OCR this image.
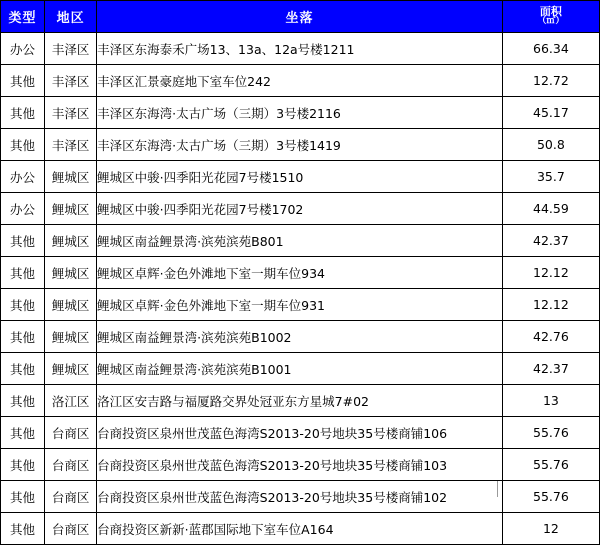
类型	地区	坐落	面积
（㎡）

办公	丰泽区	丰泽区东海泰禾广场13、13a、12a号楼1211	66.34
其他	丰泽区	丰泽区汇景豪庭地下室车位242	12.72
其他	丰泽区	丰泽区东海湾·太古广场（三期）3号楼2116	45.17
其他	丰泽区	丰泽区东海湾·太古广场（三期）3号楼1419	50.8
办公	鲤城区	鲤城区中骏·四季阳光花园7号楼1510	35.7
办公	鲤城区	鲤城区中骏·四季阳光花园7号楼1702	44.59
其他	鲤城区	鲤城区南益鲤景湾·滨苑滨苑B801	42.37
其他	鲤城区	鲤城区卓辉·金色外滩地下室一期车位934	12.12
其他	鲤城区	鲤城区卓辉·金色外滩地下室一期车位931	12.12
其他	鲤城区	鲤城区南益鲤景湾·滨苑滨苑B1002	42.76
其他	鲤城区	鲤城区南益鲤景湾·滨苑滨苑B1001	42.37
其他	洛江区	洛江区安吉路与福厦路交界处冠亚东方星城7#02	13
其他	台商区	台商投资区泉州世茂蓝色海湾S2013-20号地块35号楼商铺106	55.76
其他	台商区	台商投资区泉州世茂蓝色海湾S2013-20号地块35号楼商铺103	55.76
其他	台商区	台商投资区泉州世茂蓝色海湾S2013-20号地块35号楼商铺102	55.76
其他	台商区	台商投资区新新·蓝郡国际地下室车位A164	12
